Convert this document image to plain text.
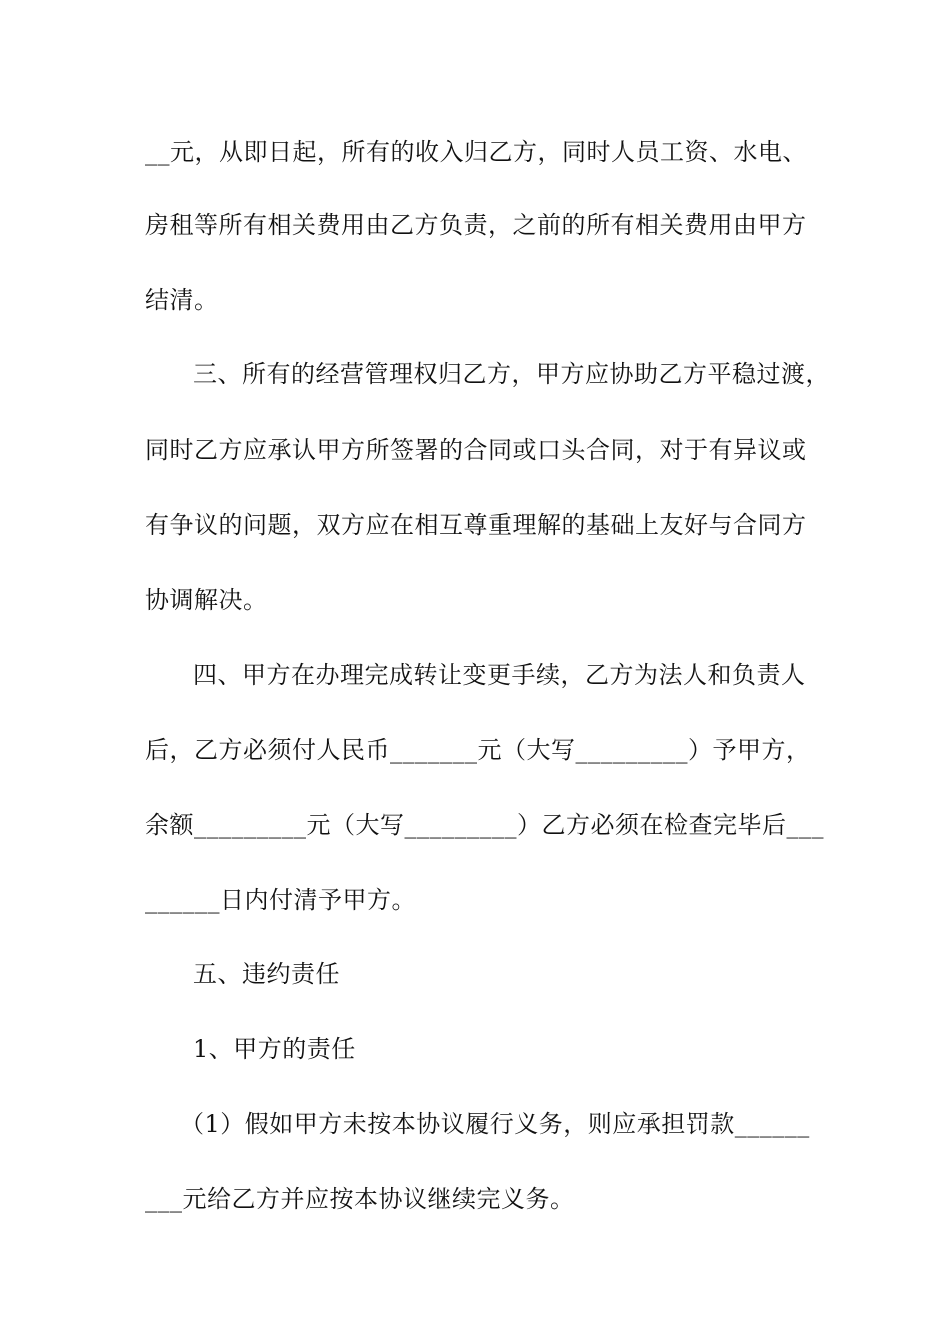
__元，从即日起，所有的收入归乙方，同时人员工资、水电、
房租等所有相关费用由乙方负责，之前的所有相关费用由甲方
结清。
三、所有的经营管理权归乙方，甲方应协助乙方平稳过渡，
同时乙方应承认甲方所签署的合同或口头合同，对于有异议或
有争议的问题，双方应在相互尊重理解的基础上友好与合同方
协调解决。
四、甲方在办理完成转让变更手续，乙方为法人和负责人
后，乙方必须付人民币_______元（大写_________）予甲方，
余额_________元（大写_________）乙方必须在检查完毕后___
______日内付清予甲方。
五、违约责任
1、甲方的责任
（1）假如甲方未按本协议履行义务，则应承担罚款______
___元给乙方并应按本协议继续完义务。
